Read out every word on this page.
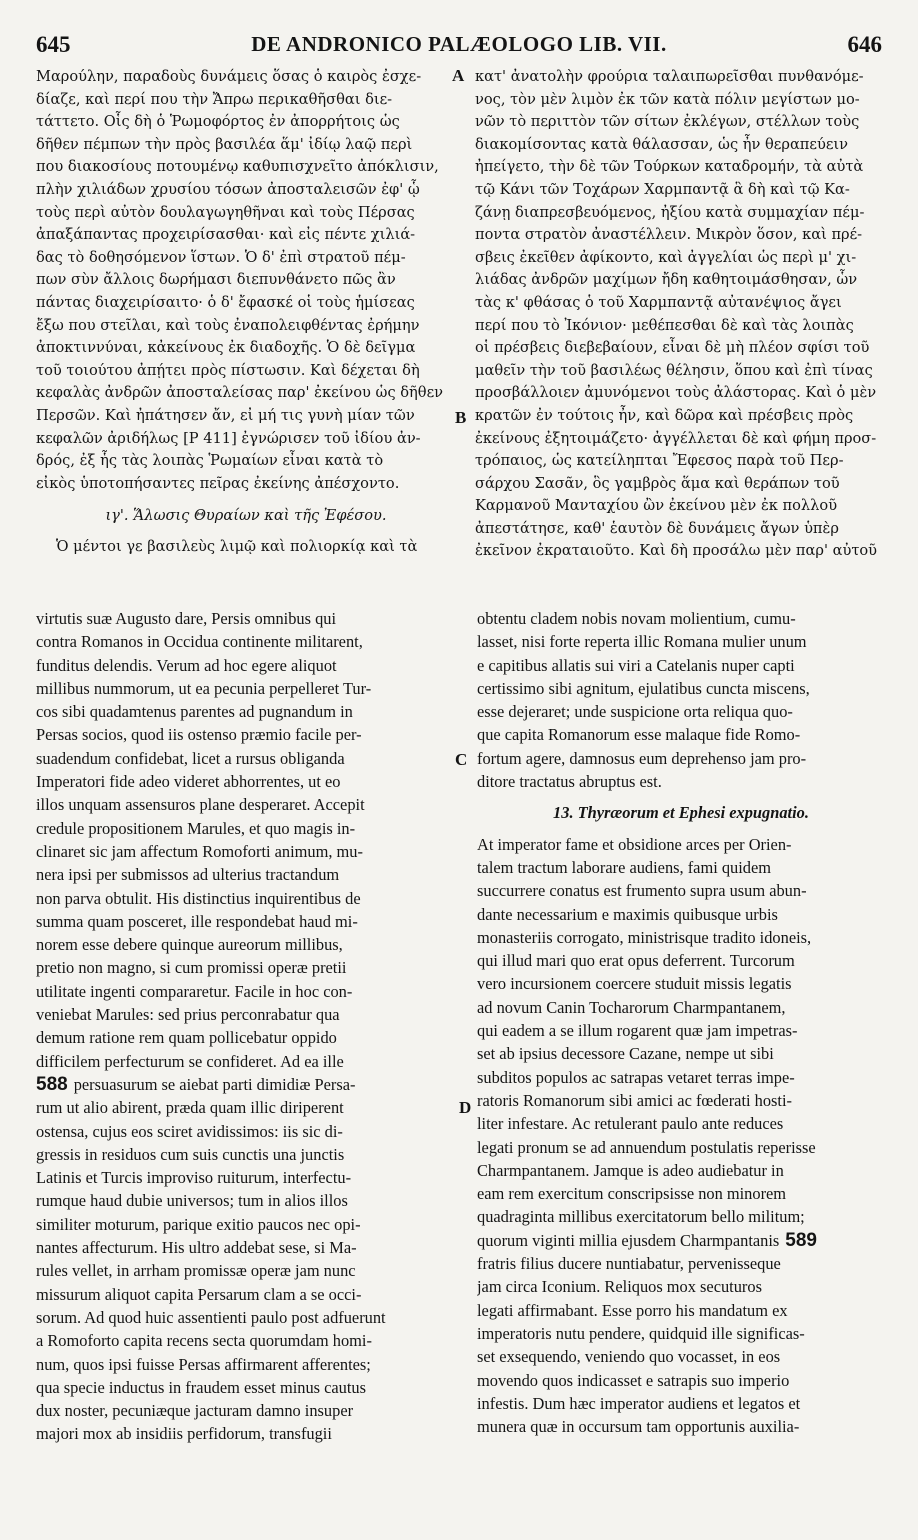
645	DE ANDRONICO PALÆOLOGO LIB. VII.	646
Μαρούλην, παραδοὺς δυνάμεις ὅσας ὁ καιρὸς ἐσχε-
δίαζε, καὶ περί που τὴν Ἄπρω περικαθῆσθαι διε-
τάττετο. Οἷς δὴ ὁ Ῥωμοφόρτος ἐν ἀπορρήτοις ὡς
δῆθεν πέμπων τὴν πρὸς βασιλέα ἅμ' ἰδίῳ λαῷ περὶ
που διακοσίους ποτουμένῳ καθυπισχνεῖτο ἀπόκλισιν,
πλὴν χιλιάδων χρυσίου τόσων ἀποσταλεισῶν ἐφ' ᾧ
τοὺς περὶ αὐτὸν δουλαγωγηθῆναι καὶ τοὺς Πέρσας
ἀπαξάπαντας προχειρίσασθαι· καὶ εἰς πέντε χιλιά-
δας τὸ δοθησόμενον ἵστων. Ὁ δ' ἐπὶ στρατοῦ πέμ-
πων σὺν ἄλλοις δωρήμασι διεπυνθάνετο πῶς ἂν
πάντας διαχειρίσαιτο· ὁ δ' ἔφασκέ οἱ τοὺς ἡμίσεας
ἔξω που στεῖλαι, καὶ τοὺς ἐναπολειφθέντας ἐρήμην
ἀποκτιννύναι, κἀκείνους ἐκ διαδοχῆς. Ὁ δὲ δεῖγμα
τοῦ τοιούτου ἀπῄτει πρὸς πίστωσιν. Καὶ δέχεται δὴ
κεφαλὰς ἀνδρῶν ἀποσταλείσας παρ' ἐκείνου ὡς δῆθεν
Περσῶν. Καὶ ἠπάτησεν ἄν, εἰ μή τις γυνὴ μίαν τῶν
κεφαλῶν ἀριδήλως [P 411] ἐγνώρισεν τοῦ ἰδίου ἀν-
δρός, ἐξ ἧς τὰς λοιπὰς Ῥωμαίων εἶναι κατὰ τὸ
εἰκὸς ὑποτοπήσαντες πεῖρας ἐκείνης ἀπέσχοντο.
ιγ'. Ἅλωσις Θυραίων καὶ τῆς Ἐφέσου.
Ὁ μέντοι γε βασιλεὺς λιμῷ καὶ πολιορκίᾳ καὶ τὰ
κατ' ἀνατολὴν φρούρια ταλαιπωρεῖσθαι πυνθανόμε-
νος, τὸν μὲν λιμὸν ἐκ τῶν κατὰ πόλιν μεγίστων μο-
νῶν τὸ περιττὸν τῶν σίτων ἐκλέγων, στέλλων τοὺς
διακομίσοντας κατὰ θάλασσαν, ὡς ἦν θεραπεύειν
ἠπείγετο, τὴν δὲ τῶν Τούρκων καταδρομήν, τὰ αὐτὰ
τῷ Κάνι τῶν Τοχάρων Χαρμπαντᾷ ἃ δὴ καὶ τῷ Κα-
ζάνῃ διαπρεσβευόμενος, ἠξίου κατὰ συμμαχίαν πέμ-
ποντα στρατὸν ἀναστέλλειν. Μικρὸν ὅσον, καὶ πρέ-
σβεις ἐκεῖθεν ἀφίκοντο, καὶ ἀγγελίαι ὡς περὶ μ' χι-
λιάδας ἀνδρῶν μαχίμων ἤδη καθητοιμάσθησαν, ὧν
τὰς κ' φθάσας ὁ τοῦ Χαρμπαντᾷ αὐτανέψιος ἄγει
περί που τὸ Ἰκόνιον· μεθέπεσθαι δὲ καὶ τὰς λοιπὰς
οἱ πρέσβεις διεβεβαίουν, εἶναι δὲ μὴ πλέον σφίσι τοῦ
μαθεῖν τὴν τοῦ βασιλέως θέλησιν, ὅπου καὶ ἐπὶ τίνας
προσβάλλοιεν ἀμυνόμενοι τοὺς ἀλάστορας. Καὶ ὁ μὲν
κρατῶν ἐν τούτοις ἦν, καὶ δῶρα καὶ πρέσβεις πρὸς
ἐκείνους ἐξητοιμάζετο· ἀγγέλλεται δὲ καὶ φήμη προσ-
τρόπαιος, ὡς κατείληπται Ἔφεσος παρὰ τοῦ Περ-
σάρχου Σασᾶν, ὃς γαμβρὸς ἅμα καὶ θεράπων τοῦ
Καρμανοῦ Μανταχίου ὢν ἐκείνου μὲν ἐκ πολλοῦ
ἀπεστάτησε, καθ' ἑαυτὸν δὲ δυνάμεις ἄγων ὑπὲρ
ἐκεῖνον ἐκραταιοῦτο. Καὶ δὴ προσάλω μὲν παρ' αὐτοῦ
virtutis suæ Augusto dare, Persis omnibus qui
contra Romanos in Occidua continente militarent,
funditus delendis. Verum ad hoc egere aliquot
millibus nummorum, ut ea pecunia perpelleret Tur-
cos sibi quadamtenus parentes ad pugnandum in
Persas socios, quod iis ostenso præmio facile per-
suadendum confidebat, licet a rursus obliganda
Imperatori fide adeo videret abhorrentes, ut eo
illos unquam assensuros plane desperaret. Accepit
credule propositionem Marules, et quo magis in-
clinaret sic jam affectum Romoforti animum, mu-
nera ipsi per submissos ad ulterius tractandum
non parva obtulit. His distinctius inquirentibus de
summa quam posceret, ille respondebat haud mi-
norem esse debere quinque aureorum millibus,
pretio non magno, si cum promissi operæ pretii
utilitate ingenti compararetur. Facile in hoc con-
veniebat Marules: sed prius perconrabatur qua
demum ratione rem quam pollicebatur oppido
difficilem perfecturum se confideret. Ad ea ille
588 persuasurum se aiebat parti dimidiæ Persa-
rum ut alio abirent, præda quam illic diriperent
ostensa, cujus eos sciret avidissimos: iis sic di-
gressis in residuos cum suis cunctis una junctis
Latinis et Turcis improviso ruiturum, interfectu-
rumque haud dubie universos; tum in alios illos
similiter moturum, parique exitio paucos nec opi-
nantes affecturum. His ultro addebat sese, si Ma-
rules vellet, in arrham promissæ operæ jam nunc
missurum aliquot capita Persarum clam a se occi-
sorum. Ad quod huic assentienti paulo post adfuerunt
a Romoforto capita recens secta quorumdam homi-
num, quos ipsi fuisse Persas affirmarent afferentes;
qua specie inductus in fraudem esset minus cautus
dux noster, pecuniæque jacturam damno insuper
majori mox ab insidiis perfidorum, transfugii
obtentu cladem nobis novam molientium, cumu-
lasset, nisi forte reperta illic Romana mulier unum
e capitibus allatis sui viri a Catelanis nuper capti
certissimo sibi agnitum, ejulatibus cuncta miscens,
esse dejeraret; unde suspicione orta reliqua quo-
que capita Romanorum esse malaque fide Romo-
fortum agere, damnosus eum deprehenso jam pro-
ditore tractatus abruptus est.
13. Thyræorum et Ephesi expugnatio.
At imperator fame et obsidione arces per Orien-
talem tractum laborare audiens, fami quidem
succurrere conatus est frumento supra usum abun-
dante necessarium e maximis quibusque urbis
monasteriis corrogato, ministrisque tradito idoneis,
qui illud mari quo erat opus deferrent. Turcorum
vero incursionem coercere studuit missis legatis
ad novum Canin Tocharorum Charmpantanem,
qui eadem a se illum rogarent quæ jam impetras-
set ab ipsius decessore Cazane, nempe ut sibi
subditos populos ac satrapas vetaret terras impe-
ratoris Romanorum sibi amici ac fœderati hosti-
liter infestare. Ac retulerant paulo ante reduces
legati pronum se ad annuendum postulatis reperisse
Charmpantanem. Jamque is adeo audiebatur in
eam rem exercitum conscripsisse non minorem
quadraginta millibus exercitatorum bello militum;
quorum viginti millia ejusdem Charmpantanis 589
fratris filius ducere nuntiabatur, pervenisseque
jam circa Iconium. Reliquos mox secuturos
legati affirmabant. Esse porro his mandatum ex
imperatoris nutu pendere, quidquid ille significas-
set exsequendo, veniendo quo vocasset, in eos
movendo quos indicasset e satrapis suo imperio
infestis. Dum hæc imperator audiens et legatos et
munera quæ in occursum tam opportunis auxilia-
A
B
C
D
